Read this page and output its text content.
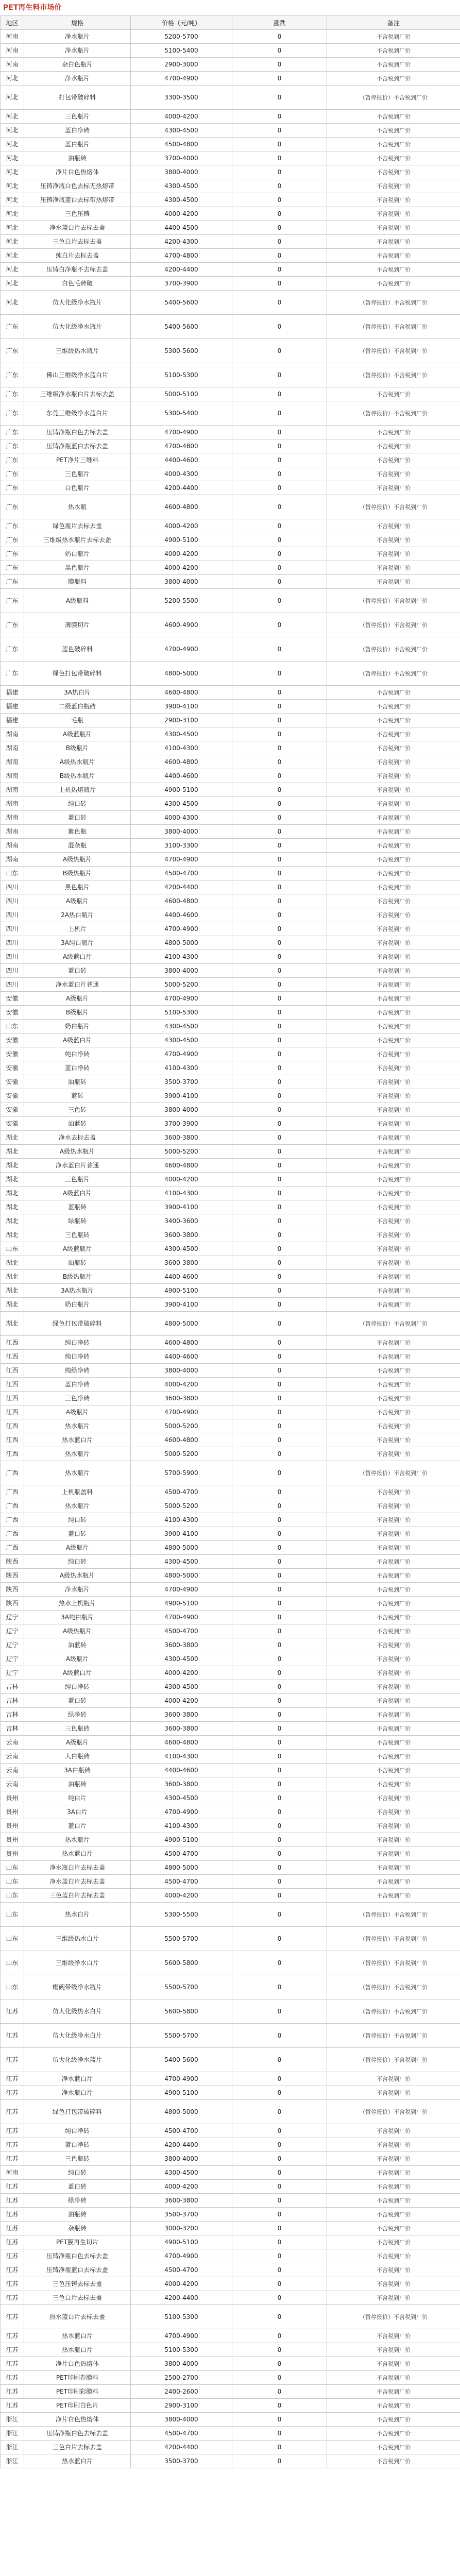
PET再生料市场价
地区	规格	价格（元/吨）	涨跌	备注
河南	净水瓶片	5200-5700	0	不含税到厂价
河南	净水瓶片	5100-5400	0	不含税到厂价
河南	杂白色瓶片	2900-3000	0	不含税到厂价
河北	净水瓶片	4700-4900	0	不含税到厂价
河北	打包带破碎料	3300-3500	0	（暂停报价）不含税到厂价
河北	三色瓶片	4000-4200	0	不含税到厂价
河北	蓝白净砖	4300-4500	0	不含税到厂价
河北	蓝白瓶片	4500-4800	0	不含税到厂价
河北	油瓶砖	3700-4000	0	不含税到厂价
河北	净片白色热熔体	3800-4000	0	不含税到厂价
河北	压铸净瓶白色去标无热熔带	4300-4500	0	不含税到厂价
河北	压铸净瓶蓝白去标带热熔带	4300-4500	0	不含税到厂价
河北	三色压铸	4000-4200	0	不含税到厂价
河北	净水蓝白片去标去盖	4400-4500	0	不含税到厂价
河北	三色白片去标去盖	4200-4300	0	不含税到厂价
河北	纯白片去标去盖	4700-4800	0	不含税到厂价
河北	压铸白净瓶不去标去盖	4200-4400	0	不含税到厂价
河北	白色毛砖破	3700-3900	0	不含税到厂价
河北	仿大化级净水瓶片	5400-5600	0	（暂停报价）不含税到厂价
广东	仿大化级净水瓶片	5400-5600	0	（暂停报价）不含税到厂价
广东	三维级热水瓶片	5300-5600	0	（暂停报价）不含税到厂价
广东	佛山三维级净水蓝白片	5100-5300	0	（暂停报价）不含税到厂价
广东	三维级净水瓶白片去标去盖	5000-5100	0	不含税到厂价
广东	东莞三维级净水蓝白片	5300-5400	0	（暂停报价）不含税到厂价
广东	压铸净瓶白色去标去盖	4700-4900	0	不含税到厂价
广东	压铸净瓶蓝白去标去盖	4700-4800	0	不含税到厂价
广东	PET净片三维料	4400-4600	0	不含税到厂价
广东	三色瓶片	4000-4300	0	不含税到厂价
广东	白色瓶片	4200-4400	0	不含税到厂价
广东	热水瓶	4600-4800	0	（暂停报价）不含税到厂价
广东	绿色瓶片去标去盖	4000-4200	0	不含税到厂价
广东	三维级热水瓶片去标去盖	4900-5100	0	不含税到厂价
广东	奶白瓶片	4000-4200	0	不含税到厂价
广东	黑色瓶片	4000-4200	0	不含税到厂价
广东	膜瓶料	3800-4000	0	不含税到厂价
广东	A级瓶料	5200-5500	0	（暂停报价）不含税到厂价
广东	薄膜切片	4600-4900	0	（暂停报价）不含税到厂价
广东	蓝色破碎料	4700-4900	0	（暂停报价）不含税到厂价
广东	绿色打包带破碎料	4800-5000	0	（暂停报价）不含税到厂价
福建	3A热白片	4600-4800	0	不含税到厂价
福建	二级蓝白瓶砖	3900-4100	0	不含税到厂价
福建	毛瓶	2900-3100	0	不含税到厂价
湖南	A级蓝瓶片	4300-4500	0	不含税到厂价
湖南	B级瓶片	4100-4300	0	不含税到厂价
湖南	A级热水瓶片	4600-4800	0	不含税到厂价
湖南	B级热水瓶片	4400-4600	0	不含税到厂价
湖南	上机热熔瓶片	4900-5100	0	不含税到厂价
湖南	纯白砖	4300-4500	0	不含税到厂价
湖南	蓝白砖	4000-4300	0	不含税到厂价
湖南	紫色瓶	3800-4000	0	不含税到厂价
湖南	混杂瓶	3100-3300	0	不含税到厂价
湖南	A级热瓶片	4700-4900	0	不含税到厂价
山东	B级热瓶片	4500-4700	0	不含税到厂价
四川	黑色瓶片	4200-4400	0	不含税到厂价
四川	A级瓶片	4600-4800	0	不含税到厂价
四川	2A热白瓶片	4400-4600	0	不含税到厂价
四川	上机片	4700-4900	0	不含税到厂价
四川	3A纯白瓶片	4800-5000	0	不含税到厂价
四川	A级蓝白片	4100-4300	0	不含税到厂价
四川	蓝白砖	3800-4000	0	不含税到厂价
四川	净水蓝白片普通	5000-5200	0	不含税到厂价
安徽	A级瓶片	4700-4900	0	不含税到厂价
安徽	B级瓶片	5100-5300	0	不含税到厂价
山东	奶白瓶片	4300-4500	0	不含税到厂价
安徽	A级蓝白片	4300-4500	0	不含税到厂价
安徽	纯白净砖	4700-4900	0	不含税到厂价
安徽	蓝白净砖	4100-4300	0	不含税到厂价
安徽	油瓶砖	3500-3700	0	不含税到厂价
安徽	蓝砖	3900-4100	0	不含税到厂价
安徽	三色砖	3800-4000	0	不含税到厂价
安徽	油蓝砖	3700-3900	0	不含税到厂价
湖北	净水去标去盖	3600-3800	0	不含税到厂价
湖北	A级热水瓶片	5000-5200	0	不含税到厂价
湖北	净水蓝白片普通	4600-4800	0	不含税到厂价
湖北	三色瓶片	4000-4200	0	不含税到厂价
湖北	A级蓝白片	4100-4300	0	不含税到厂价
湖北	蓝瓶砖	3900-4100	0	不含税到厂价
湖北	绿瓶砖	3400-3600	0	不含税到厂价
湖北	三色瓶砖	3600-3800	0	不含税到厂价
山东	A级蓝瓶片	4300-4500	0	不含税到厂价
湖北	油瓶砖	3600-3800	0	不含税到厂价
湖北	B级热瓶片	4400-4600	0	不含税到厂价
湖北	3A热水瓶片	4900-5100	0	不含税到厂价
湖北	奶白瓶片	3900-4100	0	不含税到厂价
湖北	绿色打包带破碎料	4800-5000	0	（暂停报价）不含税到厂价
江西	纯白净砖	4600-4800	0	不含税到厂价
江西	纯白净砖	4400-4600	0	不含税到厂价
江西	纯绿净砖	3800-4000	0	不含税到厂价
江西	蓝白净砖	4000-4200	0	不含税到厂价
江西	三色净砖	3600-3800	0	不含税到厂价
江西	A级瓶片	4700-4900	0	不含税到厂价
江西	热水瓶片	5000-5200	0	不含税到厂价
江西	热水蓝白片	4600-4800	0	不含税到厂价
江西	热水瓶片	5000-5200	0	不含税到厂价
广西	热水瓶片	5700-5900	0	（暂停报价）不含税到厂价
广西	上机瓶盖料	4500-4700	0	不含税到厂价
广西	热水瓶片	5000-5200	0	不含税到厂价
广西	纯白砖	4100-4300	0	不含税到厂价
广西	蓝白砖	3900-4100	0	不含税到厂价
广西	A级瓶片	4800-5000	0	不含税到厂价
陕西	纯白砖	4300-4500	0	不含税到厂价
陕西	A级热水瓶片	4800-5000	0	不含税到厂价
陕西	净水瓶片	4700-4900	0	不含税到厂价
陕西	热水上机瓶片	4900-5100	0	不含税到厂价
辽宁	3A纯白瓶片	4700-4900	0	不含税到厂价
辽宁	A级热瓶片	4500-4700	0	不含税到厂价
辽宁	油蓝砖	3600-3800	0	不含税到厂价
辽宁	A级瓶片	4300-4500	0	不含税到厂价
辽宁	A级蓝白片	4000-4200	0	不含税到厂价
吉林	纯白净砖	4300-4500	0	不含税到厂价
吉林	蓝白砖	4000-4200	0	不含税到厂价
吉林	绿净砖	3600-3800	0	不含税到厂价
吉林	三色瓶砖	3600-3800	0	不含税到厂价
云南	A级瓶片	4600-4800	0	不含税到厂价
云南	大白瓶砖	4100-4300	0	不含税到厂价
云南	3A白瓶砖	4400-4600	0	不含税到厂价
云南	油瓶砖	3600-3800	0	不含税到厂价
贵州	纯白片	4300-4500	0	不含税到厂价
贵州	3A白片	4700-4900	0	不含税到厂价
贵州	蓝白片	4100-4300	0	不含税到厂价
贵州	热水瓶片	4900-5100	0	不含税到厂价
贵州	热水蓝白片	4500-4700	0	不含税到厂价
山东	净水瓶白片去标去盖	4800-5000	0	不含税到厂价
山东	净水蓝白片去标去盖	4500-4700	0	不含税到厂价
山东	三色蓝白片去标去盖	4000-4200	0	不含税到厂价
山东	热水白片	5300-5500	0	（暂停报价）不含税到厂价
山东	三维级热水白片	5500-5700	0	（暂停报价）不含税到厂价
山东	三维级净水白片	5600-5800	0	（暂停报价）不含税到厂价
山东	帽碗带级净水瓶片	5500-5700	0	（暂停报价）不含税到厂价
江苏	仿大化级热水白片	5600-5800	0	（暂停报价）不含税到厂价
江苏	仿大化级净水白片	5500-5700	0	（暂停报价）不含税到厂价
江苏	仿大化级净水蓝片	5400-5600	0	（暂停报价）不含税到厂价
江苏	净水蓝白片	4700-4900	0	不含税到厂价
江苏	净水瓶白片	4900-5100	0	不含税到厂价
江苏	绿色打包带破碎料	4800-5000	0	（暂停报价）不含税到厂价
江苏	纯白净砖	4500-4700	0	不含税到厂价
江苏	蓝白净砖	4200-4400	0	不含税到厂价
江苏	三色瓶砖	3800-4000	0	不含税到厂价
河南	纯白砖	4300-4500	0	不含税到厂价
江苏	蓝白砖	4000-4200	0	不含税到厂价
江苏	绿净砖	3600-3800	0	不含税到厂价
江苏	油瓶砖	3500-3700	0	不含税到厂价
江苏	杂瓶砖	3000-3200	0	不含税到厂价
江苏	PET膜再生切片	4900-5100	0	不含税到厂价
江苏	压铸净瓶白色去标去盖	4700-4900	0	不含税到厂价
江苏	压铸净瓶蓝白去标去盖	4500-4700	0	不含税到厂价
江苏	三色压铸去标去盖	4000-4200	0	不含税到厂价
江苏	三色白片去标去盖	4200-4400	0	不含税到厂价
江苏	热水蓝白片去标去盖	5100-5300	0	（暂停报价）不含税到厂价
江苏	热水蓝白片	4700-4900	0	不含税到厂价
江苏	热水瓶白片	5100-5300	0	不含税到厂价
江苏	净片白色热熔体	3800-4000	0	不含税到厂价
江苏	PET印刷卷膜料	2500-2700	0	不含税到厂价
江苏	PET印刷彩膜料	2400-2600	0	不含税到厂价
江苏	PET印刷白色片	2900-3100	0	不含税到厂价
浙江	净片白色热熔体	3800-4000	0	不含税到厂价
浙江	压铸净瓶白色去标去盖	4500-4700	0	不含税到厂价
浙江	三色白片去标去盖	4200-4400	0	不含税到厂价
浙江	热水蓝白片	3500-3700	0	不含税到厂价
